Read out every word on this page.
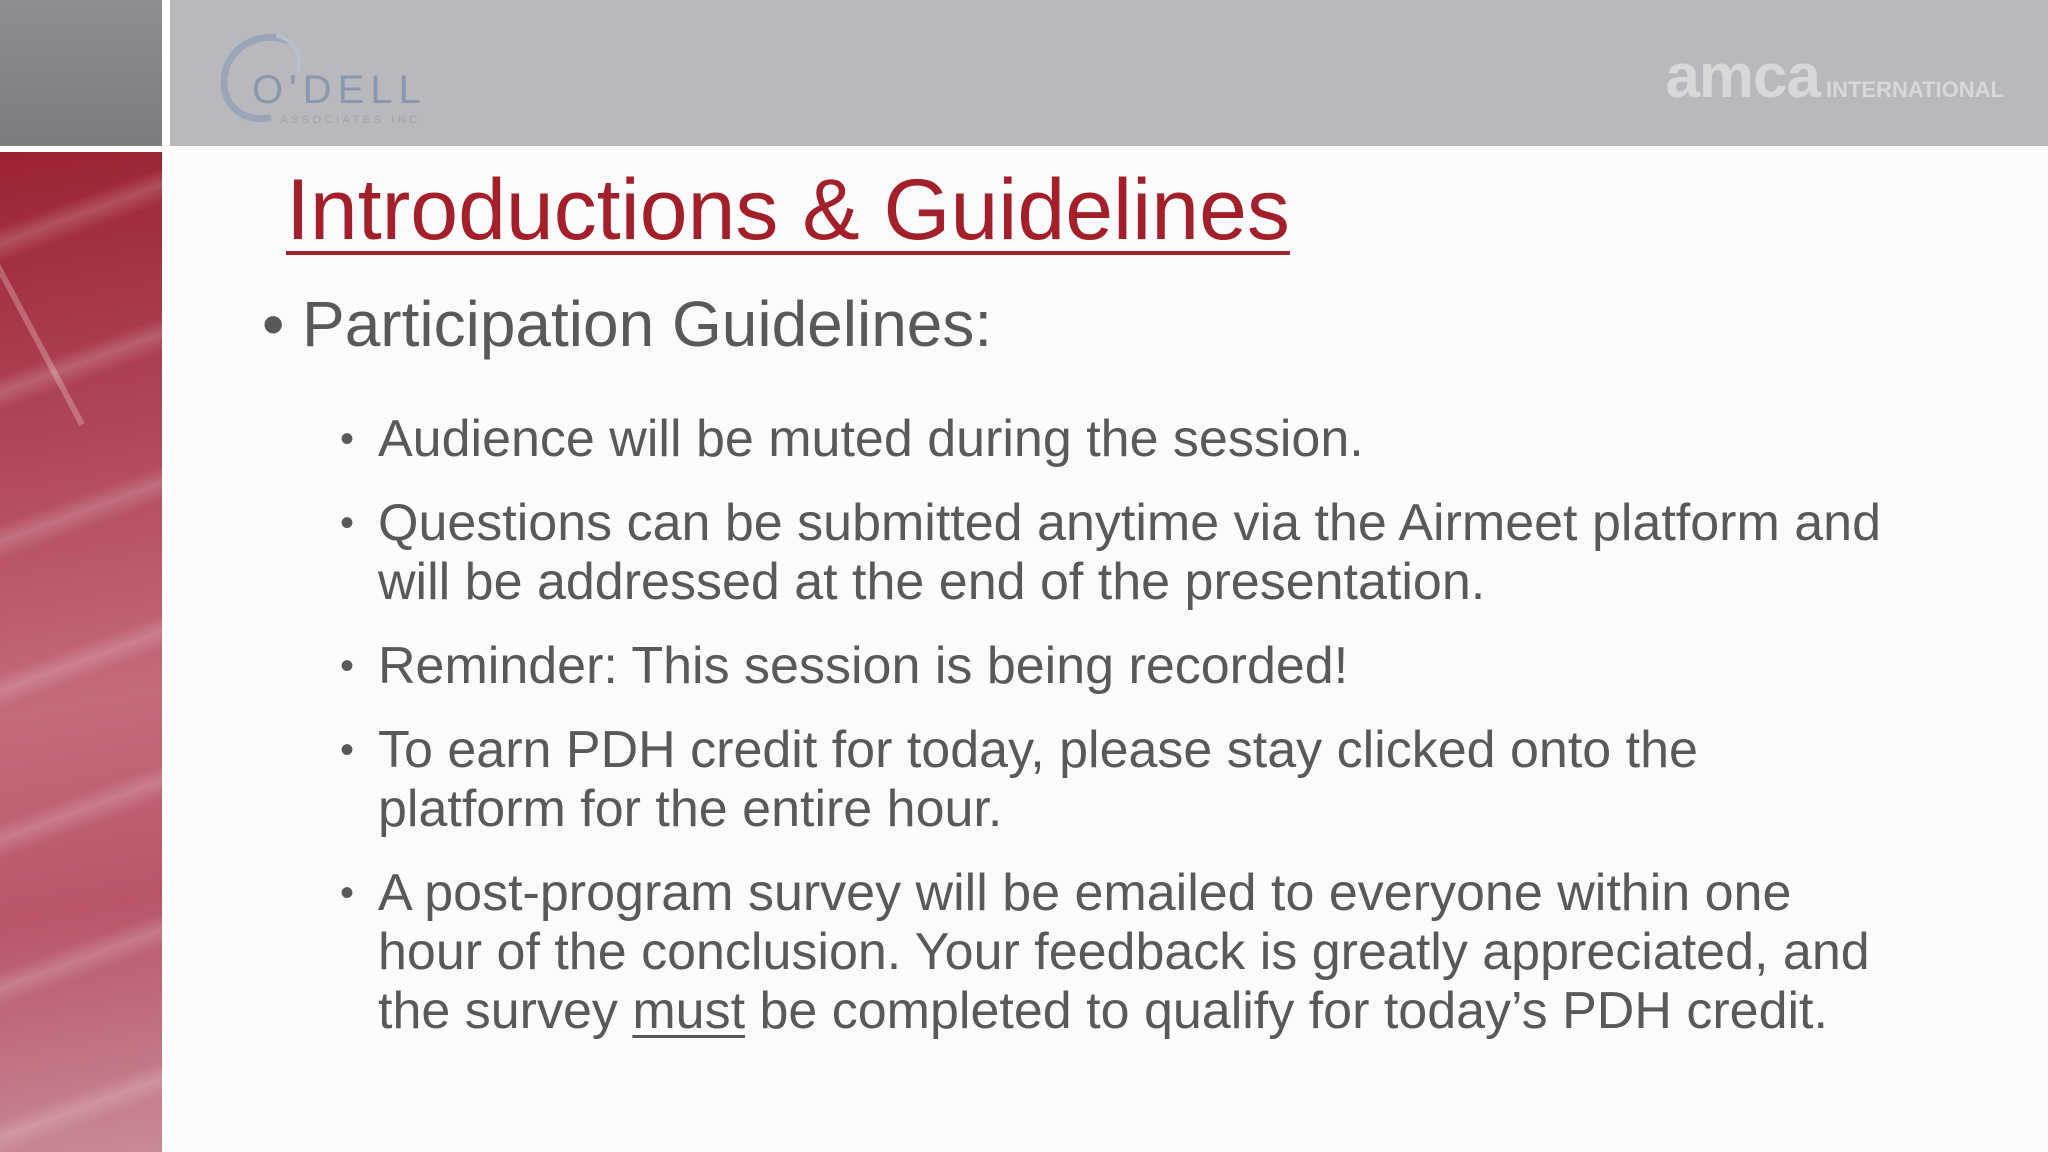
O'DELL
ASSOCIATES INC.
amca INTERNATIONAL
Introductions & Guidelines
• Participation Guidelines:
• Audience will be muted during the session.
• Questions can be submitted anytime via the Airmeet platform and will be addressed at the end of the presentation.
• Reminder: This session is being recorded!
• To earn PDH credit for today, please stay clicked onto the platform for the entire hour.
• A post-program survey will be emailed to everyone within one hour of the conclusion. Your feedback is greatly appreciated, and the survey must be completed to qualify for today’s PDH credit.
